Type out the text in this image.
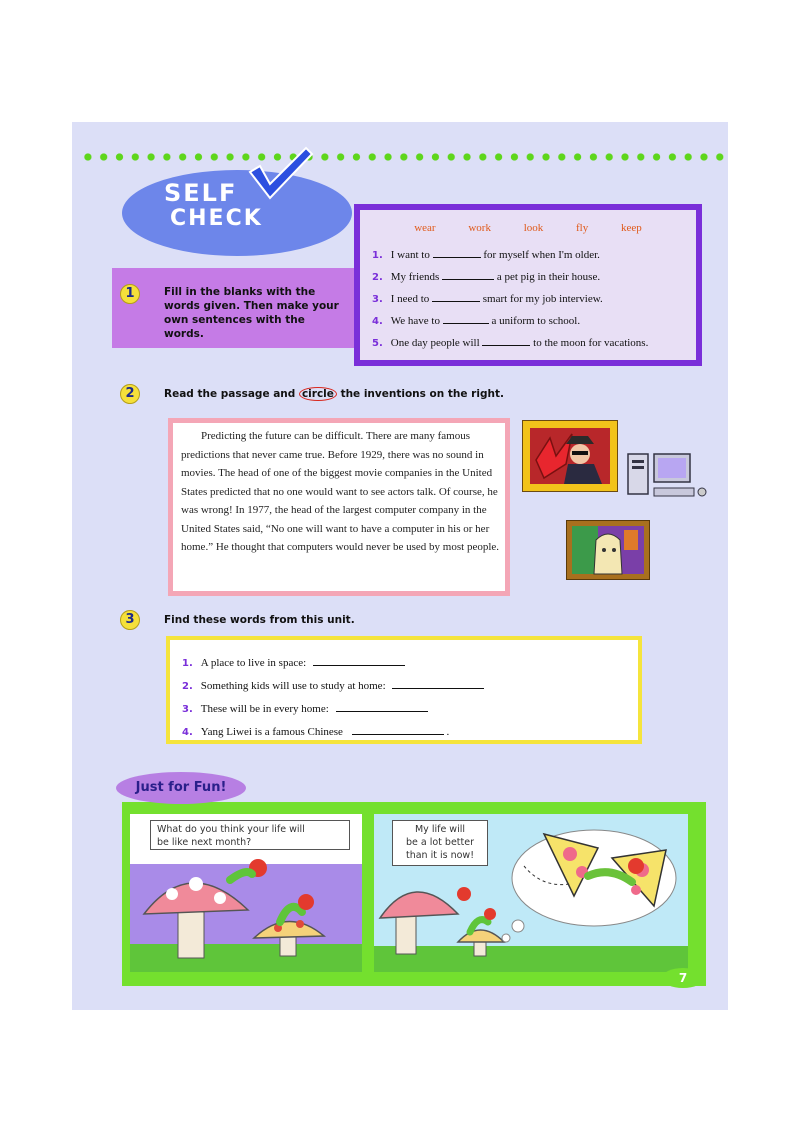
SELF
CHECK
1	Fill in the blanks with the words given. Then make your own sentences with the words.
wear	work	look	fly	keep
1. I want to	for myself when I'm older.
2. My friends	a pet pig in their house.
3. I need to	smart for my job interview.
4. We have to	a uniform to school.
5. One day people will	to the moon for vacations.
2	Read the passage and circle the inventions on the right.

Predicting the future can be difficult. There are many famous predictions that never came true. Before 1929, there was no sound in movies. The head of one of the biggest movie companies in the United States predicted that no one would want to see actors talk. Of course, he was wrong! In 1977, the head of the largest computer company in the United States said, “No one will want to have a computer in his or her home.” He thought that computers would never be used by most people.

3	Find these words from this unit.
1. A place to live in space:
2. Something kids will use to study at home:
3. These will be in every home:
4. Yang Liwei is a famous Chinese	.
What do you think your life will
be like next month?
My life will
be a lot better
than it is now!
Just for Fun!
7
